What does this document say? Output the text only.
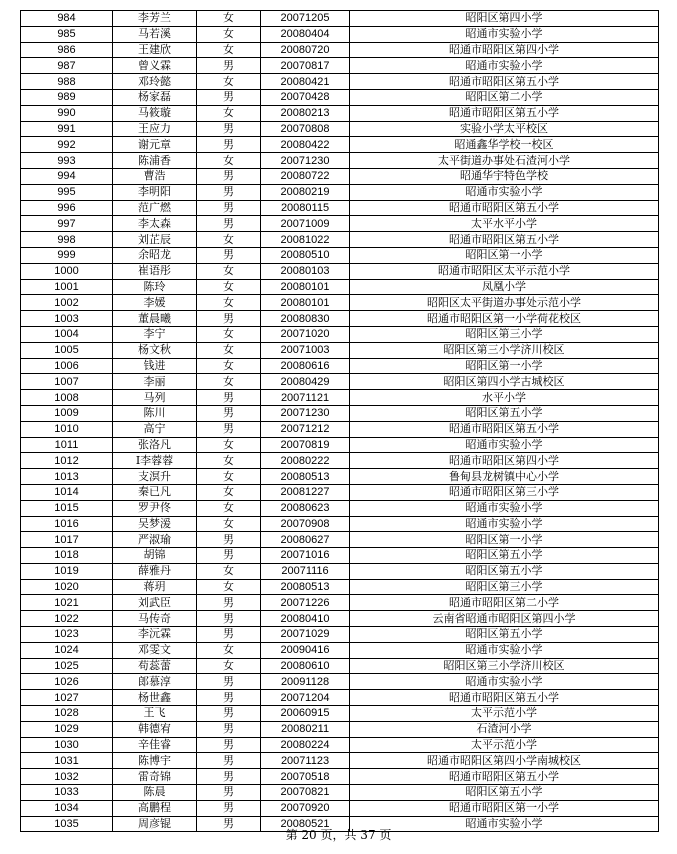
984	李芳兰	女	20071205	昭阳区第四小学
985	马若溪	女	20080404	昭通市实验小学
986	王建欣	女	20080720	昭通市昭阳区第四小学
987	曾义霖	男	20070817	昭通市实验小学
988	邓玲懿	女	20080421	昭通市昭阳区第五小学
989	杨家磊	男	20070428	昭阳区第二小学
990	马筱璇	女	20080213	昭通市昭阳区第五小学
991	王应力	男	20070808	实验小学太平校区
992	谢元章	男	20080422	昭通鑫华学校一校区
993	陈浦香	女	20071230	太平街道办事处石渣河小学
994	曹浩	男	20080722	昭通华宇特色学校
995	李明阳	男	20080219	昭通市实验小学
996	范广燃	男	20080115	昭通市昭阳区第五小学
997	李太森	男	20071009	太平水平小学
998	刘芷辰	女	20081022	昭通市昭阳区第五小学
999	余昭龙	男	20080510	昭阳区第一小学
1000	崔语彤	女	20080103	昭通市昭阳区太平示范小学
1001	陈玲	女	20080101	凤凰小学
1002	李媛	女	20080101	昭阳区太平街道办事处示范小学
1003	董晨曦	男	20080830	昭通市昭阳区第一小学荷花校区
1004	李宁	女	20071020	昭阳区第三小学
1005	杨文秋	女	20071003	昭阳区第三小学济川校区
1006	钱进	女	20080616	昭阳区第一小学
1007	李丽	女	20080429	昭阳区第四小学古城校区
1008	马列	男	20071121	水平小学
1009	陈川	男	20071230	昭阳区第五小学
1010	高宁	男	20071212	昭通市昭阳区第五小学
1011	张洛凡	女	20070819	昭通市实验小学
1012	I李蓉蓉	女	20080222	昭通市昭阳区第四小学
1013	支溟升	女	20080513	鲁甸县龙树镇中心小学
1014	秦已凡	女	20081227	昭通市昭阳区第三小学
1015	罗尹佟	女	20080623	昭通市实验小学
1016	吴梦湲	女	20070908	昭通市实验小学
1017	严淑瑜	男	20080627	昭阳区第一小学
1018	胡锦	男	20071016	昭阳区第五小学
1019	薛雅丹	女	20071116	昭阳区第五小学
1020	蒋玥	女	20080513	昭阳区第三小学
1021	刘武臣	男	20071226	昭通市昭阳区第二小学
1022	马传奇	男	20080410	云南省昭通市昭阳区第四小学
1023	李沅霖	男	20071029	昭阳区第五小学
1024	邓雯文	女	20090416	昭通市实验小学
1025	苟蕊蕾	女	20080610	昭阳区第三小学济川校区
1026	郎慕淳	男	20091128	昭通市实验小学
1027	杨世鑫	男	20071204	昭通市昭阳区第五小学
1028	王飞	男	20060915	太平示范小学
1029	韩德宥	男	20080211	石渣河小学
1030	辛佳睿	男	20080224	太平示范小学
1031	陈博宇	男	20071123	昭通市昭阳区第四小学南城校区
1032	雷奇锦	男	20070518	昭通市昭阳区第五小学
1033	陈晨	男	20070821	昭阳区第五小学
1034	高鹏程	男	20070920	昭通市昭阳区第一小学
1035	周彦锟	男	20080521	昭通市实验小学
第 20 页，共 37 页
